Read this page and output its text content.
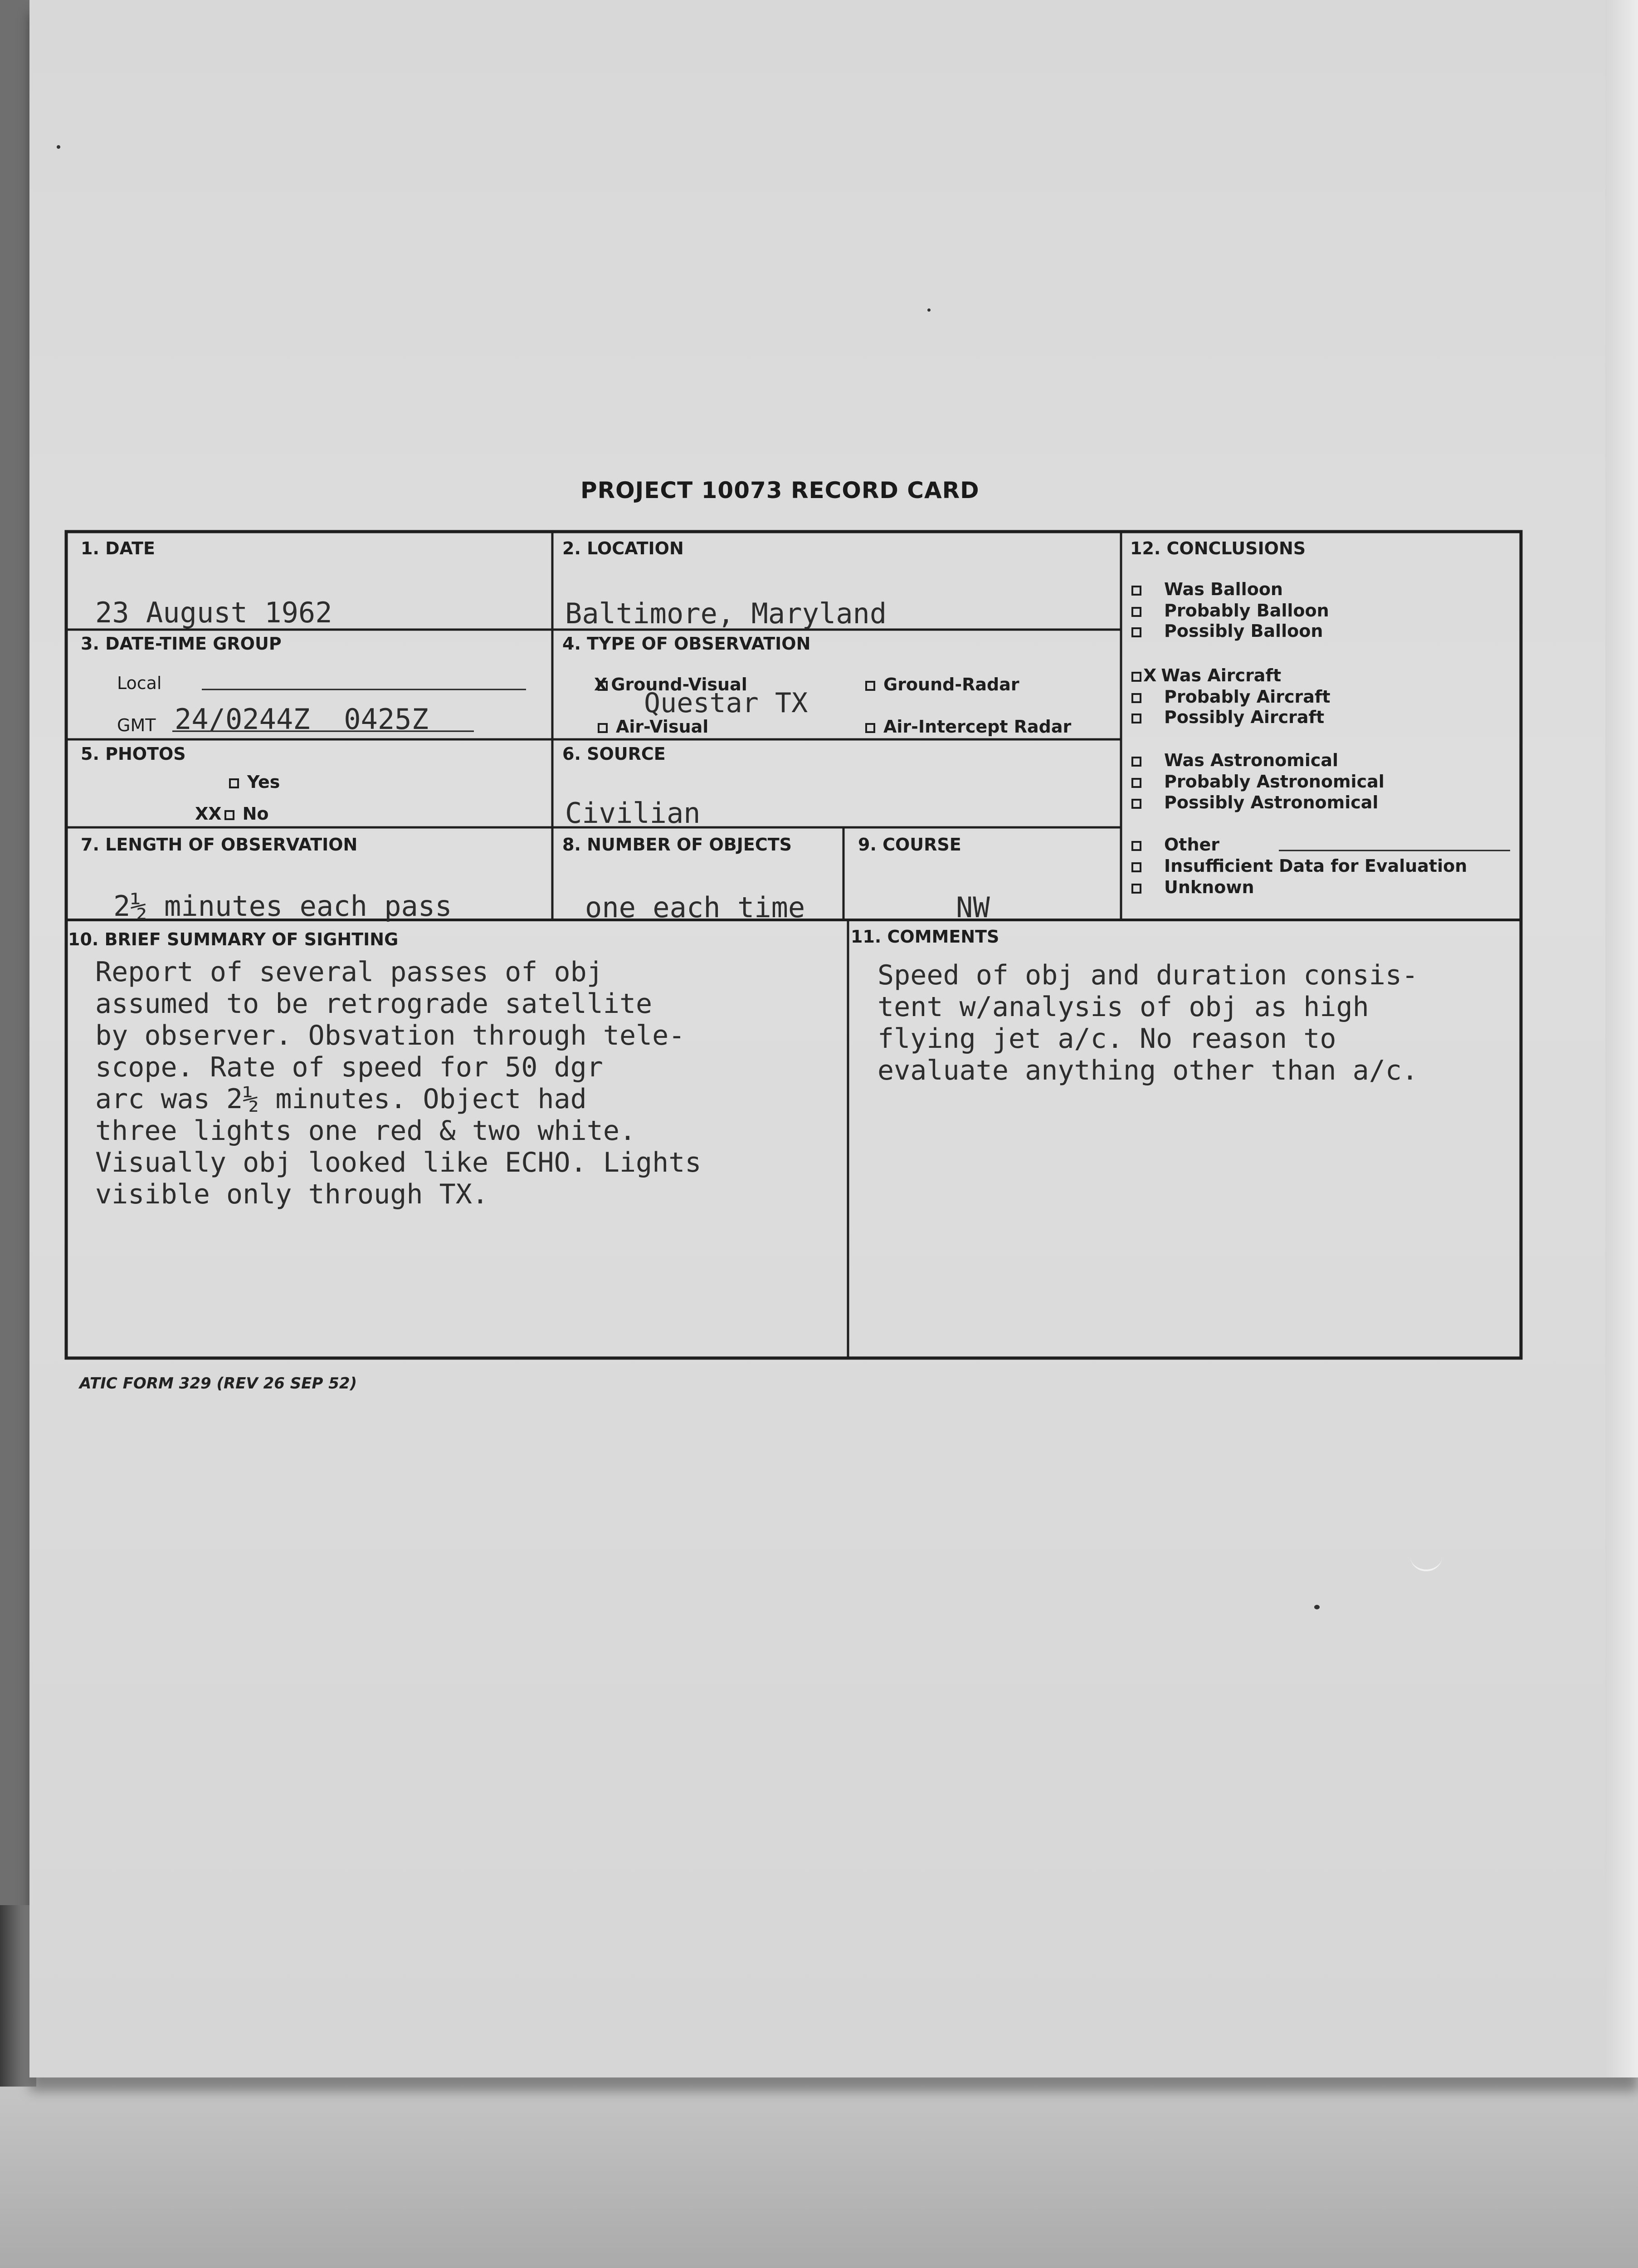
PROJECT 10073 RECORD CARD
1. DATE
23 August 1962
2. LOCATION
Baltimore, Maryland
3. DATE-TIME GROUP
Local
GMT 24/0244Z  0425Z
4. TYPE OF OBSERVATION
X Ground-Visual	Ground-Radar
Questar TX
Air-Visual	Air-Intercept Radar
5. PHOTOS
Yes
XX No
6. SOURCE
Civilian
7. LENGTH OF OBSERVATION
2½ minutes each pass
8. NUMBER OF OBJECTS
one each time
9. COURSE
NW
12. CONCLUSIONS
Was Balloon
Probably Balloon
Possibly Balloon
X Was Aircraft
Probably Aircraft
Possibly Aircraft
Was Astronomical
Probably Astronomical
Possibly Astronomical
Other
Insufficient Data for Evaluation
Unknown
10. BRIEF SUMMARY OF SIGHTING
Report of several passes of obj
assumed to be retrograde satellite
by observer. Obsvation through tele-
scope. Rate of speed for 50 dgr
arc was 2½ minutes. Object had
three lights one red & two white.
Visually obj looked like ECHO. Lights
visible only through TX.
11. COMMENTS
Speed of obj and duration consis-
tent w/analysis of obj as high
flying jet a/c. No reason to
evaluate anything other than a/c.
ATIC FORM 329 (REV 26 SEP 52)
